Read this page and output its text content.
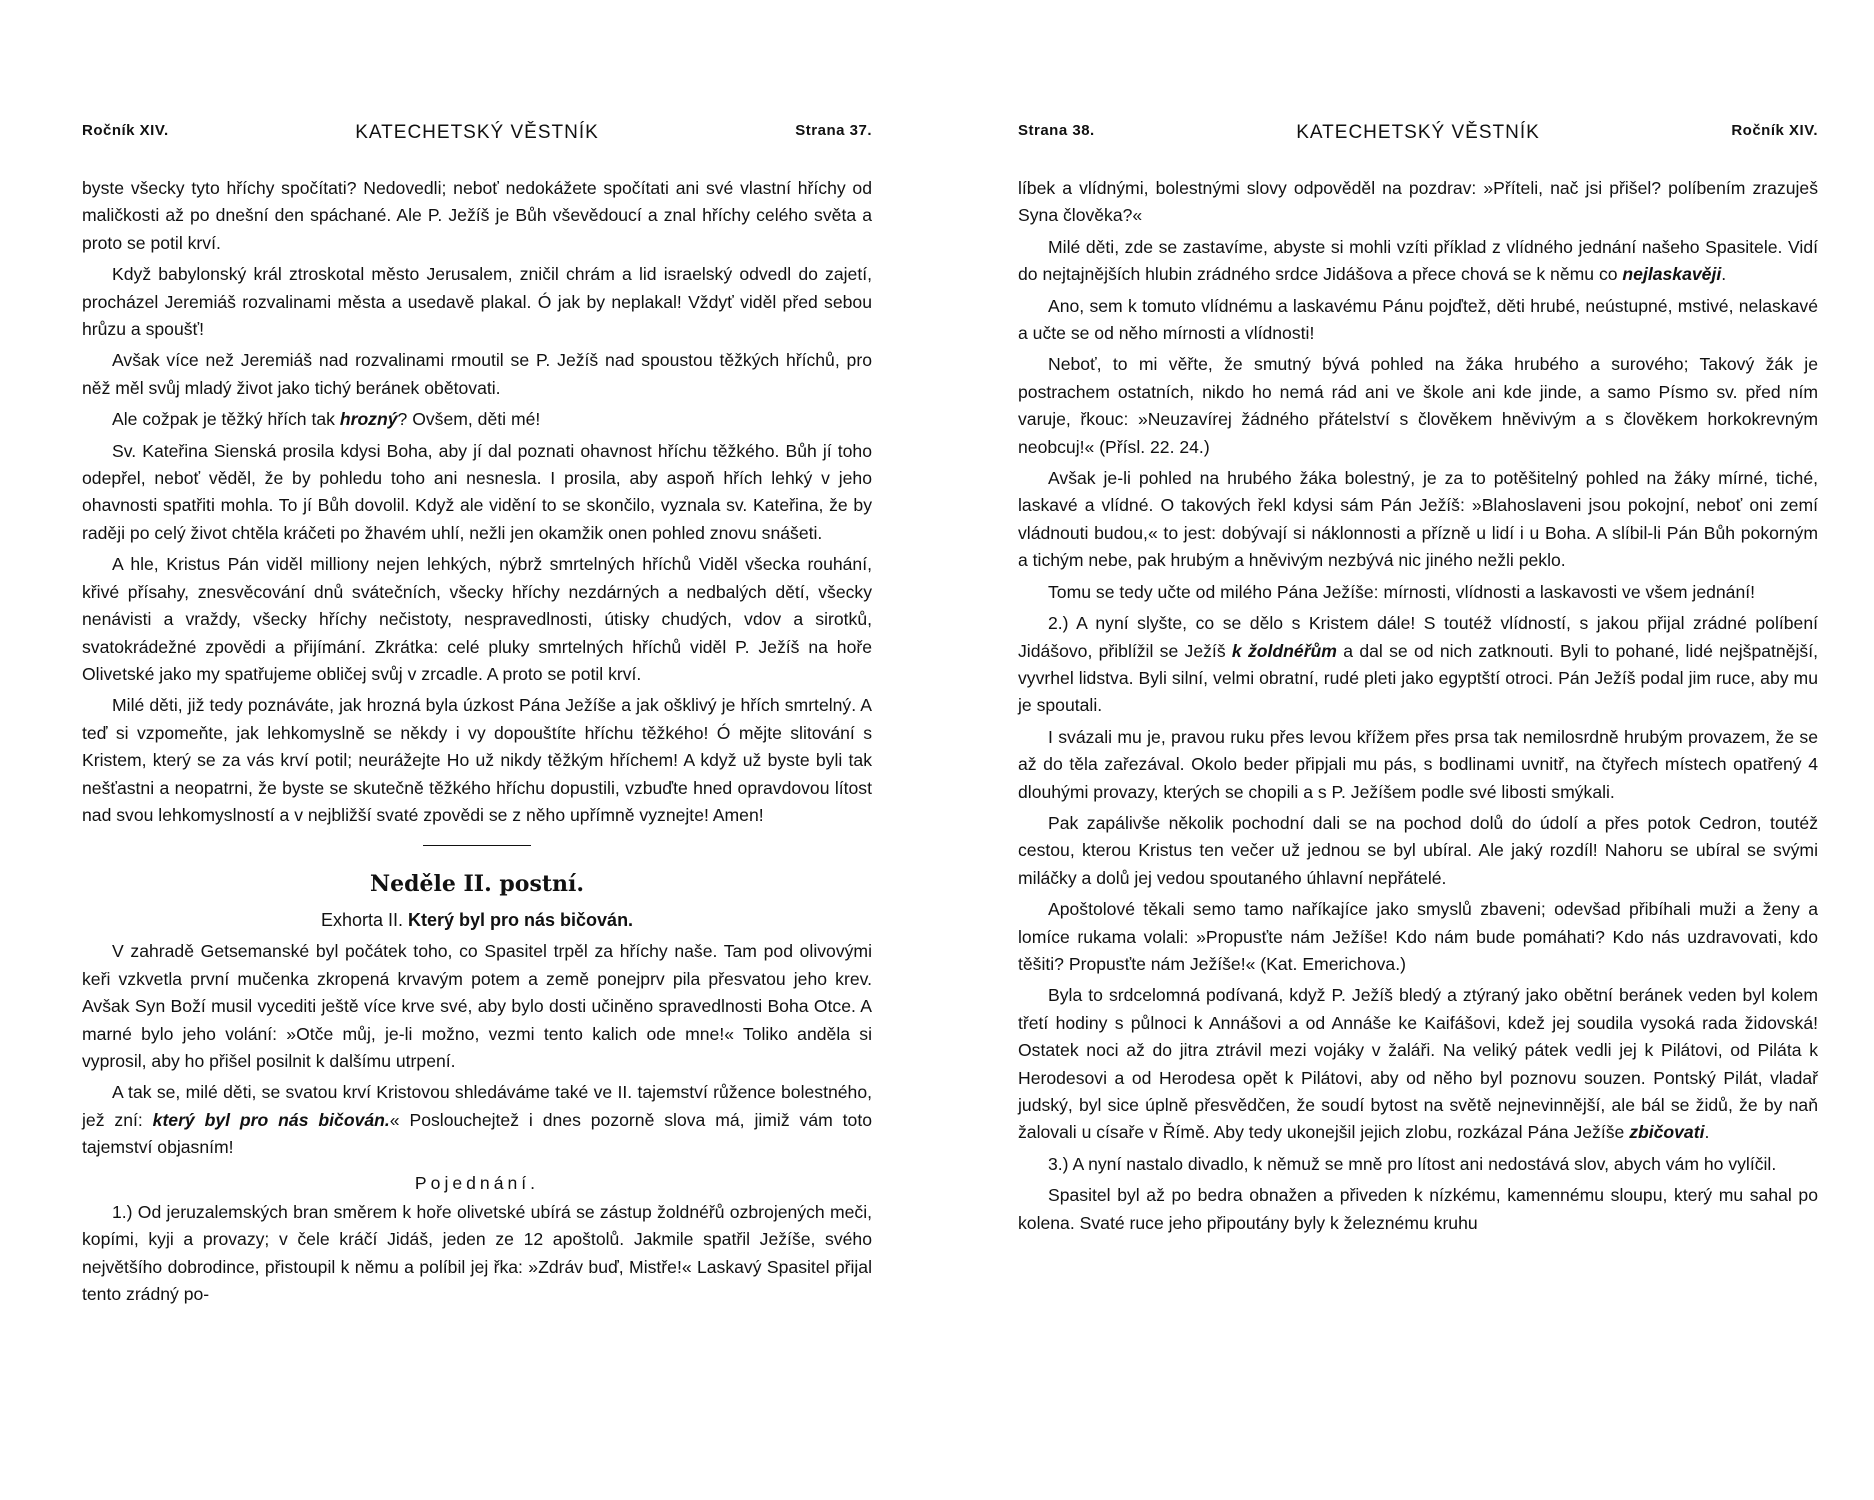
Ročník XIV.	KATECHETSKÝ VĚSTNÍK	Strana 37.

byste všecky tyto hříchy spočítati? Nedovedli; neboť nedokážete spočítati ani své vlastní hříchy od maličkosti až po dnešní den spáchané. Ale P. Ježíš je Bůh vševědoucí a znal hříchy celého světa a proto se potil krví.

Když babylonský král ztroskotal město Jerusalem, zničil chrám a lid israelský odvedl do zajetí, procházel Jeremiáš rozvalinami města a usedavě plakal. Ó jak by neplakal! Vždyť viděl před sebou hrůzu a spoušť!

Avšak více než Jeremiáš nad rozvalinami rmoutil se P. Ježíš nad spoustou těžkých hříchů, pro něž měl svůj mladý život jako tichý beránek obětovati.

Ale cožpak je těžký hřích tak hrozný? Ovšem, děti mé!

Sv. Kateřina Sienská prosila kdysi Boha, aby jí dal poznati ohavnost hříchu těžkého. Bůh jí toho odepřel, neboť věděl, že by pohledu toho ani nesnesla. I prosila, aby aspoň hřích lehký v jeho ohavnosti spatřiti mohla. To jí Bůh dovolil. Když ale vidění to se skončilo, vyznala sv. Kateřina, že by raději po celý život chtěla kráčeti po žhavém uhlí, nežli jen okamžik onen pohled znovu snášeti.

A hle, Kristus Pán viděl milliony nejen lehkých, nýbrž smrtelných hříchů Viděl všecka rouhání, křivé přísahy, znesvěcování dnů svátečních, všecky hříchy nezdárných a nedbalých dětí, všecky nenávisti a vraždy, všecky hříchy nečistoty, nespravedlnosti, útisky chudých, vdov a sirotků, svatokrádežné zpovědi a přijímání. Zkrátka: celé pluky smrtelných hříchů viděl P. Ježíš na hoře Olivetské jako my spatřujeme obličej svůj v zrcadle. A proto se potil krví.

Milé děti, již tedy poznáváte, jak hrozná byla úzkost Pána Ježíše a jak ošklivý je hřích smrtelný. A teď si vzpomeňte, jak lehkomyslně se někdy i vy dopouštíte hříchu těžkého! Ó mějte slitování s Kristem, který se za vás krví potil; neurážejte Ho už nikdy těžkým hříchem! A když už byste byli tak nešťastni a neopatrni, že byste se skutečně těžkého hříchu dopustili, vzbuďte hned opravdovou lítost nad svou lehkomyslností a v nejbližší svaté zpovědi se z něho upřímně vyznejte! Amen!

Neděle II. postní.
Exhorta II. Který byl pro nás bičován.

V zahradě Getsemanské byl počátek toho, co Spasitel trpěl za hříchy naše. Tam pod olivovými keři vzkvetla první mučenka zkropená krvavým potem a země ponejprv pila přesvatou jeho krev. Avšak Syn Boží musil vycediti ještě více krve své, aby bylo dosti učiněno spravedlnosti Boha Otce. A marné bylo jeho volání: »Otče můj, je-li možno, vezmi tento kalich ode mne!« Toliko anděla si vyprosil, aby ho přišel posilnit k dalšímu utrpení.

A tak se, milé děti, se svatou krví Kristovou shledáváme také ve II. tajemství růžence bolestného, jež zní: který byl pro nás bičován.« Poslouchejtež i dnes pozorně slova má, jimiž vám toto tajemství objasním!

Pojednání.

1.) Od jeruzalemských bran směrem k hoře olivetské ubírá se zástup žoldnéřů ozbrojených meči, kopími, kyji a provazy; v čele kráčí Jidáš, jeden ze 12 apoštolů. Jakmile spatřil Ježíše, svého největšího dobrodince, přistoupil k němu a políbil jej řka: »Zdráv buď, Mistře!« Laskavý Spasitel přijal tento zrádný po-

Strana 38.	KATECHETSKÝ VĚSTNÍK	Ročník XIV.

líbek a vlídnými, bolestnými slovy odpověděl na pozdrav: »Příteli, nač jsi přišel? políbením zrazuješ Syna člověka?«

Milé děti, zde se zastavíme, abyste si mohli vzíti příklad z vlídného jednání našeho Spasitele. Vidí do nejtajnějších hlubin zrádného srdce Jidášova a přece chová se k němu co nejlaskavěji.

Ano, sem k tomuto vlídnému a laskavému Pánu pojďtež, děti hrubé, neústupné, mstivé, nelaskavé a učte se od něho mírnosti a vlídnosti!

Neboť, to mi věřte, že smutný bývá pohled na žáka hrubého a surového; Takový žák je postrachem ostatních, nikdo ho nemá rád ani ve škole ani kde jinde, a samo Písmo sv. před ním varuje, řkouc: »Neuzavírej žádného přátelství s člověkem hněvivým a s člověkem horkokrevným neobcuj!« (Přísl. 22. 24.)

Avšak je-li pohled na hrubého žáka bolestný, je za to potěšitelný pohled na žáky mírné, tiché, laskavé a vlídné. O takových řekl kdysi sám Pán Ježíš: »Blahoslaveni jsou pokojní, neboť oni zemí vládnouti budou,« to jest: dobývají si náklonnosti a přízně u lidí i u Boha. A slíbil-li Pán Bůh pokorným a tichým nebe, pak hrubým a hněvivým nezbývá nic jiného nežli peklo.

Tomu se tedy učte od milého Pána Ježíše: mírnosti, vlídnosti a laskavosti ve všem jednání!

2.) A nyní slyšte, co se dělo s Kristem dále! S toutéž vlídností, s jakou přijal zrádné políbení Jidášovo, přiblížil se Ježíš k žoldnéřům a dal se od nich zatknouti. Byli to pohané, lidé nejšpatnější, vyvrhel lidstva. Byli silní, velmi obratní, rudé pleti jako egyptští otroci. Pán Ježíš podal jim ruce, aby mu je spoutali.

I svázali mu je, pravou ruku přes levou křížem přes prsa tak nemilosrdně hrubým provazem, že se až do těla zařezával. Okolo beder připjali mu pás, s bodlinami uvnitř, na čtyřech místech opatřený 4 dlouhými provazy, kterých se chopili a s P. Ježíšem podle své libosti smýkali.

Pak zapálivše několik pochodní dali se na pochod dolů do údolí a přes potok Cedron, toutéž cestou, kterou Kristus ten večer už jednou se byl ubíral. Ale jaký rozdíl! Nahoru se ubíral se svými miláčky a dolů jej vedou spoutaného úhlavní nepřátelé.

Apoštolové těkali semo tamo naříkajíce jako smyslů zbaveni; odevšad přibíhali muži a ženy a lomíce rukama volali: »Propusťte nám Ježíše! Kdo nám bude pomáhati? Kdo nás uzdravovati, kdo těšiti? Propusťte nám Ježíše!« (Kat. Emerichova.)

Byla to srdcelomná podívaná, když P. Ježíš bledý a ztýraný jako obětní beránek veden byl kolem třetí hodiny s půlnoci k Annášovi a od Annáše ke Kaifášovi, kdež jej soudila vysoká rada židovská! Ostatek noci až do jitra ztrávil mezi vojáky v žaláři. Na veliký pátek vedli jej k Pilátovi, od Piláta k Herodesovi a od Herodesa opět k Pilátovi, aby od něho byl poznovu souzen. Pontský Pilát, vladař judský, byl sice úplně přesvědčen, že soudí bytost na světě nejnevinnější, ale bál se židů, že by naň žalovali u císaře v Římě. Aby tedy ukonejšil jejich zlobu, rozkázal Pána Ježíše zbičovati.

3.) A nyní nastalo divadlo, k němuž se mně pro lítost ani nedostává slov, abych vám ho vylíčil.

Spasitel byl až po bedra obnažen a přiveden k nízkému, kamennému sloupu, který mu sahal po kolena. Svaté ruce jeho připoutány byly k železnému kruhu
